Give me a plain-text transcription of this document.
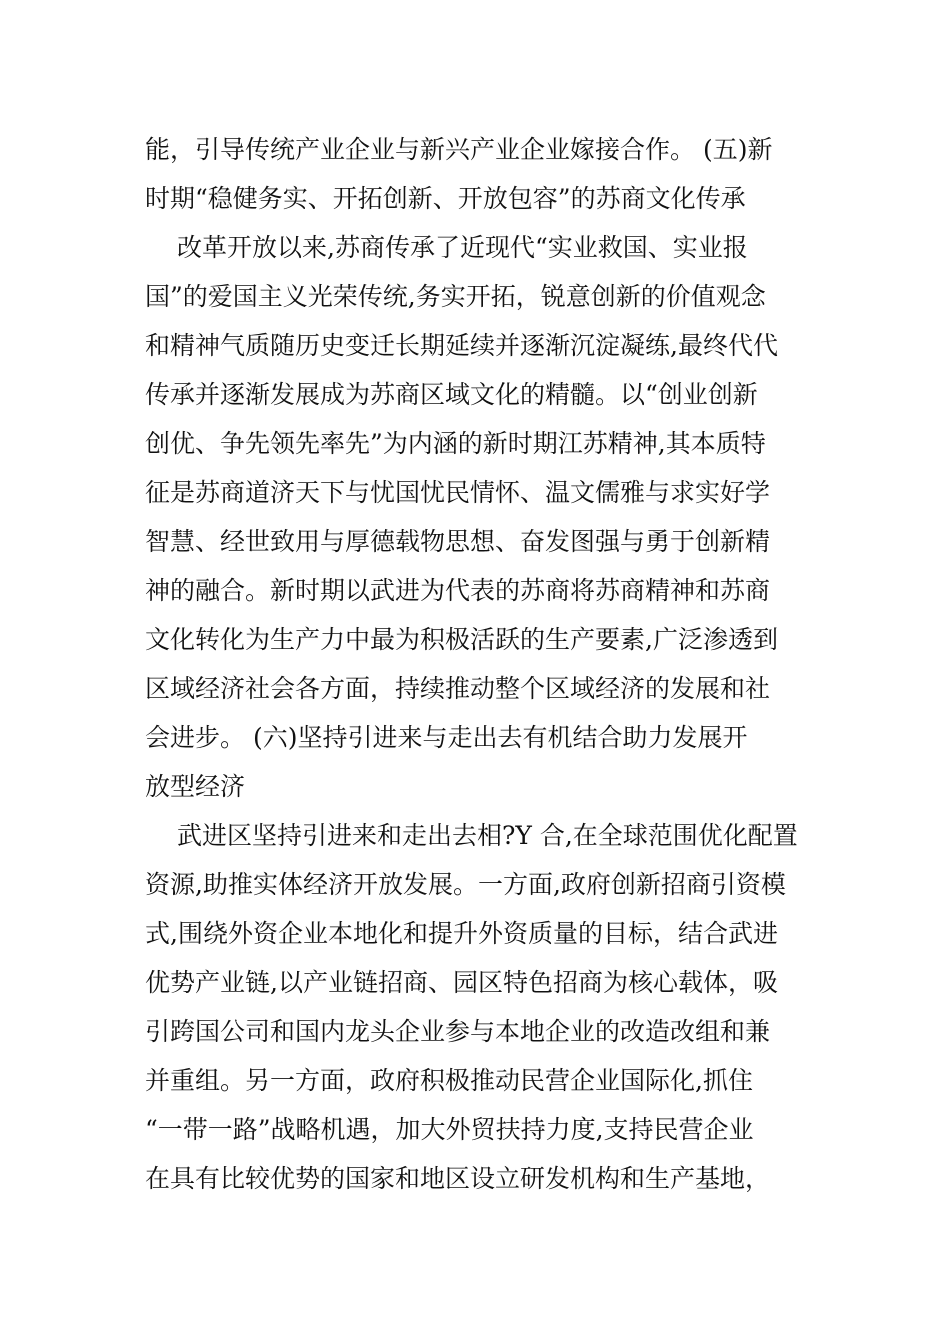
能，引导传统产业企业与新兴产业企业嫁接合作。 (五)新
时期“稳健务实、开拓创新、开放包容”的苏商文化传承
改革开放以来,苏商传承了近现代“实业救国、实业报
国”的爱国主义光荣传统,务实开拓，锐意创新的价值观念
和精神气质随历史变迁长期延续并逐渐沉淀凝练,最终代代
传承并逐渐发展成为苏商区域文化的精髓。以“创业创新
创优、争先领先率先”为内涵的新时期江苏精神,其本质特
征是苏商道济天下与忧国忧民情怀、温文儒雅与求实好学
智慧、经世致用与厚德载物思想、奋发图强与勇于创新精
神的融合。新时期以武进为代表的苏商将苏商精神和苏商
文化转化为生产力中最为积极活跃的生产要素,广泛渗透到
区域经济社会各方面，持续推动整个区域经济的发展和社
会进步。 (六)坚持引进来与走出去有机结合助力发展开
放型经济
武进区坚持引进来和走出去相?Y 合,在全球范围优化配置
资源,助推实体经济开放发展。一方面,政府创新招商引资模
式,围绕外资企业本地化和提升外资质量的目标，结合武进
优势产业链,以产业链招商、园区特色招商为核心载体，吸
引跨国公司和国内龙头企业参与本地企业的改造改组和兼
并重组。另一方面，政府积极推动民营企业国际化,抓住
“一带一路”战略机遇，加大外贸扶持力度,支持民营企业
在具有比较优势的国家和地区设立研发机构和生产基地，
